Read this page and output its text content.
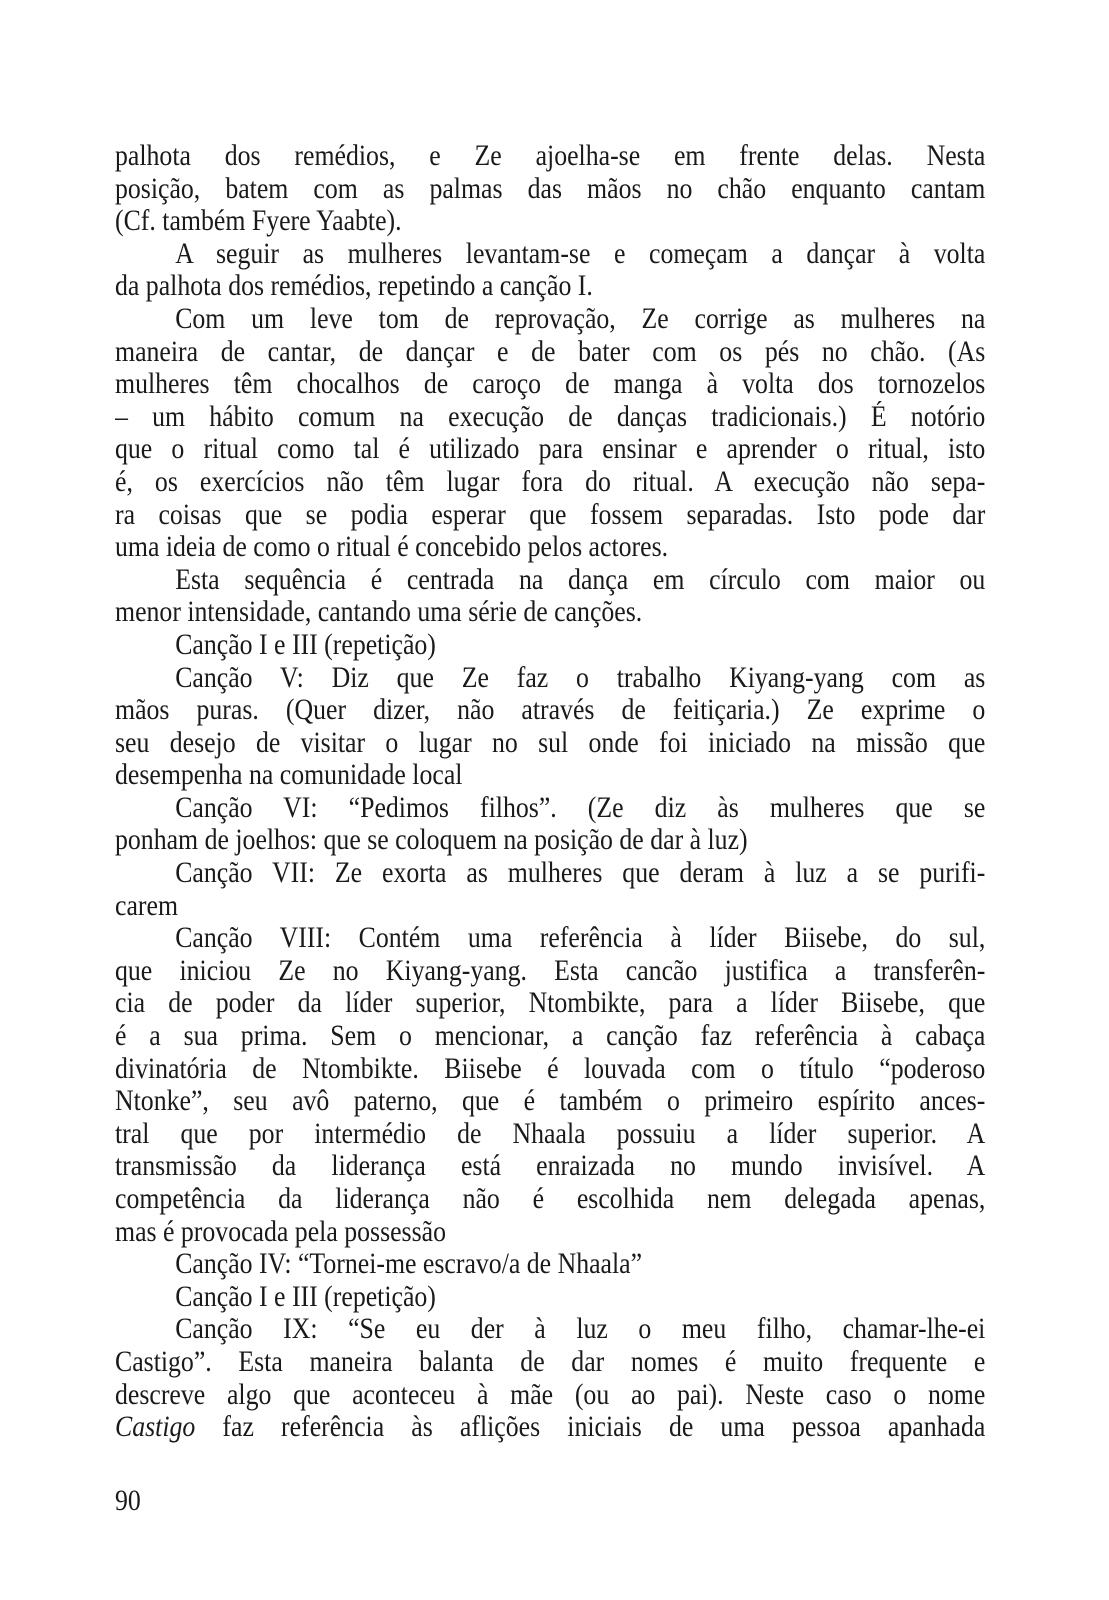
palhota dos remédios, e Ze ajoelha-se em frente delas. Nesta
posição, batem com as palmas das mãos no chão enquanto cantam
(Cf. também Fyere Yaabte).
A seguir as mulheres levantam-se e começam a dançar à volta
da palhota dos remédios, repetindo a canção I.
Com um leve tom de reprovação, Ze corrige as mulheres na
maneira de cantar, de dançar e de bater com os pés no chão. (As
mulheres têm chocalhos de caroço de manga à volta dos tornozelos
– um hábito comum na execução de danças tradicionais.) É notório
que o ritual como tal é utilizado para ensinar e aprender o ritual, isto
é, os exercícios não têm lugar fora do ritual. A execução não sepa-
ra coisas que se podia esperar que fossem separadas. Isto pode dar
uma ideia de como o ritual é concebido pelos actores.
Esta sequência é centrada na dança em círculo com maior ou
menor intensidade, cantando uma série de canções.
Canção I e III (repetição)
Canção V: Diz que Ze faz o trabalho Kiyang-yang com as
mãos puras. (Quer dizer, não através de feitiçaria.) Ze exprime o
seu desejo de visitar o lugar no sul onde foi iniciado na missão que
desempenha na comunidade local
Canção VI: “Pedimos filhos”. (Ze diz às mulheres que se
ponham de joelhos: que se coloquem na posição de dar à luz)
Canção VII: Ze exorta as mulheres que deram à luz a se purifi-
carem
Canção VIII: Contém uma referência à líder Biisebe, do sul,
que iniciou Ze no Kiyang-yang. Esta cancão justifica a transferên-
cia de poder da líder superior, Ntombikte, para a líder Biisebe, que
é a sua prima. Sem o mencionar, a canção faz referência à cabaça
divinatória de Ntombikte. Biisebe é louvada com o título “poderoso
Ntonke”, seu avô paterno, que é também o primeiro espírito ances-
tral que por intermédio de Nhaala possuiu a líder superior. A
transmissão da liderança está enraizada no mundo invisível. A
competência da liderança não é escolhida nem delegada apenas,
mas é provocada pela possessão
Canção IV: “Tornei-me escravo/a de Nhaala”
Canção I e III (repetição)
Canção IX: “Se eu der à luz o meu filho, chamar-lhe-ei
Castigo”. Esta maneira balanta de dar nomes é muito frequente e
descreve algo que aconteceu à mãe (ou ao pai). Neste caso o nome
Castigo faz referência às aflições iniciais de uma pessoa apanhada
90
